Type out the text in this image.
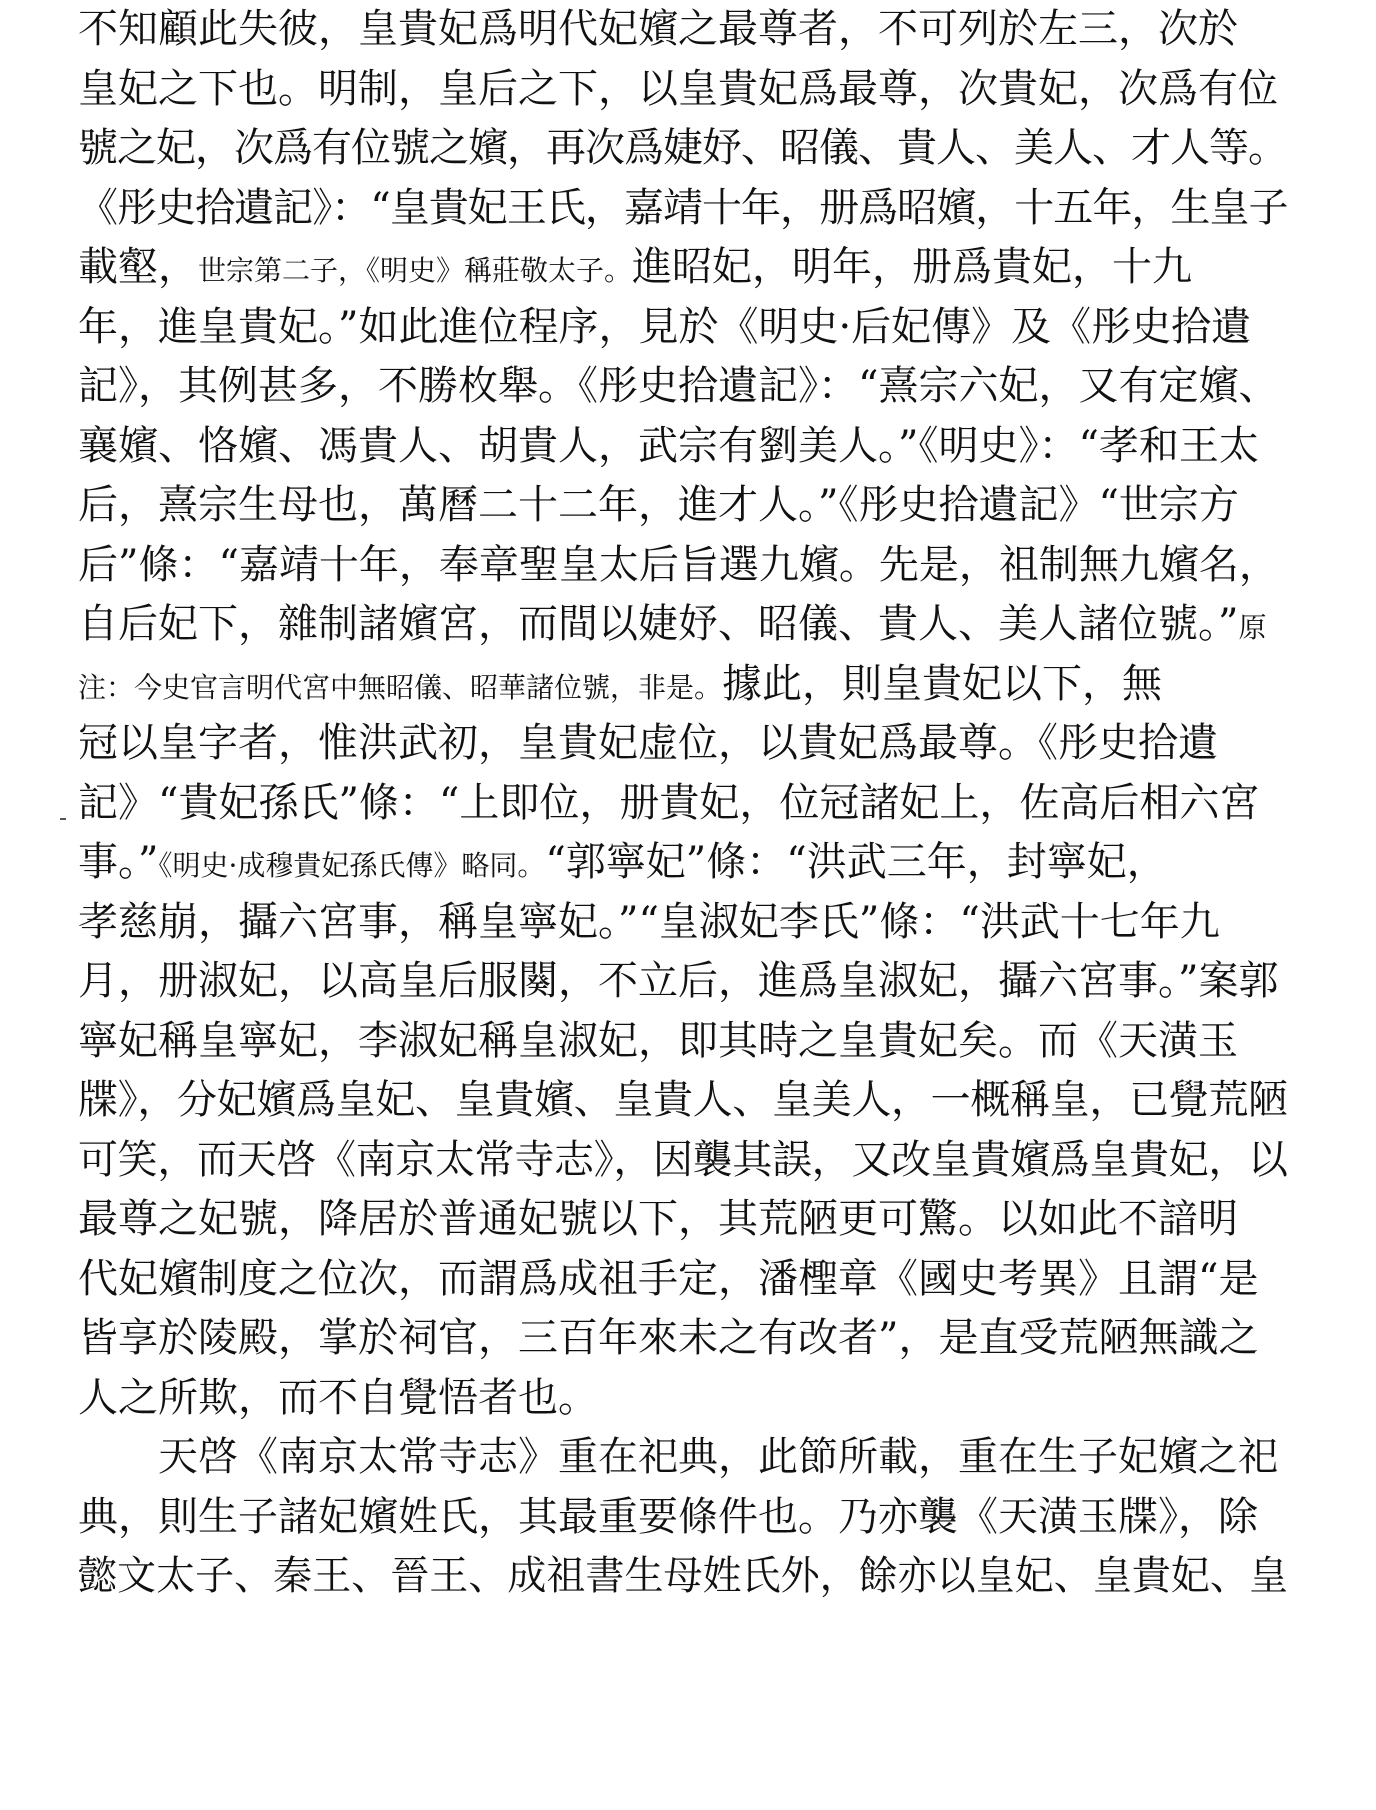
不知顧此失彼，皇貴妃爲明代妃嬪之最尊者，不可列於左三，次於
皇妃之下也。明制，皇后之下，以皇貴妃爲最尊，次貴妃，次爲有位
號之妃，次爲有位號之嬪，再次爲婕妤、昭儀、貴人、美人、才人等。
《彤史拾遺記》：“皇貴妃王氏，嘉靖十年，册爲昭嬪，十五年，生皇子
載壑，世宗第二子，《明史》稱莊敬太子。進昭妃，明年，册爲貴妃，十九
年，進皇貴妃。”如此進位程序，見於《明史·后妃傳》及《彤史拾遺
記》，其例甚多，不勝枚舉。《彤史拾遺記》：“熹宗六妃，又有定嬪、
襄嬪、恪嬪、馮貴人、胡貴人，武宗有劉美人。”《明史》：“孝和王太
后，熹宗生母也，萬曆二十二年，進才人。”《彤史拾遺記》“世宗方
后”條：“嘉靖十年，奉章聖皇太后旨選九嬪。先是，祖制無九嬪名，
自后妃下，雜制諸嬪宮，而間以婕妤、昭儀、貴人、美人諸位號。”原
注：今史官言明代宮中無昭儀、昭華諸位號，非是。據此，則皇貴妃以下，無
冠以皇字者，惟洪武初，皇貴妃虚位，以貴妃爲最尊。《彤史拾遺
記》“貴妃孫氏”條：“上即位，册貴妃，位冠諸妃上，佐高后相六宮
事。”《明史·成穆貴妃孫氏傳》略同。“郭寧妃”條：“洪武三年，封寧妃，
孝慈崩，攝六宮事，稱皇寧妃。”“皇淑妃李氏”條：“洪武十七年九
月，册淑妃，以高皇后服闋，不立后，進爲皇淑妃，攝六宮事。”案郭
寧妃稱皇寧妃，李淑妃稱皇淑妃，即其時之皇貴妃矣。而《天潢玉
牒》，分妃嬪爲皇妃、皇貴嬪、皇貴人、皇美人，一概稱皇，已覺荒陋
可笑，而天啓《南京太常寺志》，因襲其誤，又改皇貴嬪爲皇貴妃，以
最尊之妃號，降居於普通妃號以下，其荒陋更可驚。以如此不諳明
代妃嬪制度之位次，而謂爲成祖手定，潘檉章《國史考異》且謂“是
皆享於陵殿，掌於祠官，三百年來未之有改者”，是直受荒陋無識之
人之所欺，而不自覺悟者也。

天啓《南京太常寺志》重在祀典，此節所載，重在生子妃嬪之祀
典，則生子諸妃嬪姓氏，其最重要條件也。乃亦襲《天潢玉牒》，除
懿文太子、秦王、晉王、成祖書生母姓氏外，餘亦以皇妃、皇貴妃、皇
